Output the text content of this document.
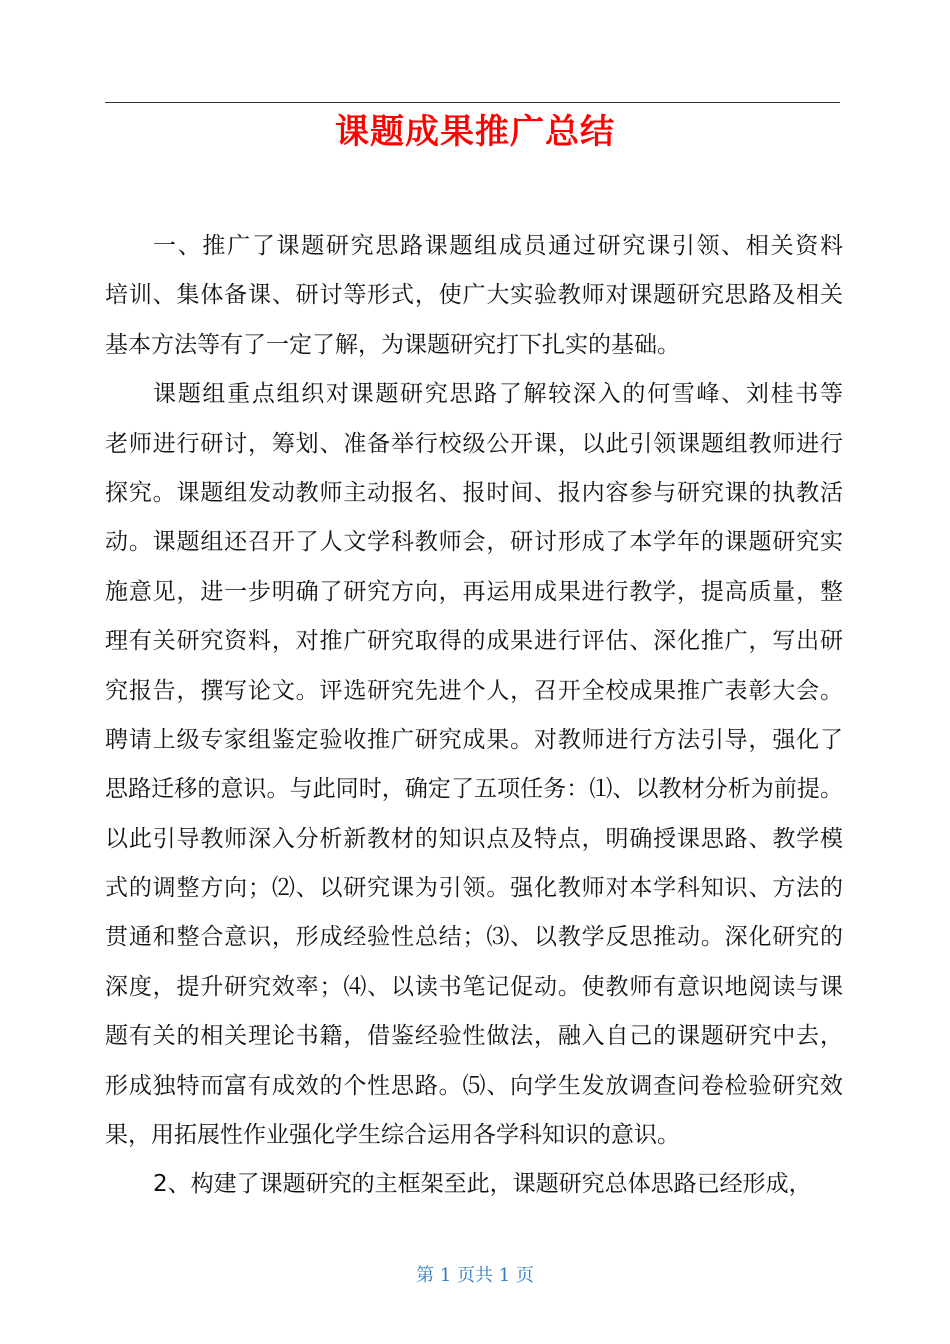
课题成果推广总结
一、推广了课题研究思路课题组成员通过研究课引领、相关资料
培训、集体备课、研讨等形式，使广大实验教师对课题研究思路及相关
基本方法等有了一定了解，为课题研究打下扎实的基础。
课题组重点组织对课题研究思路了解较深入的何雪峰、刘桂书等
老师进行研讨，筹划、准备举行校级公开课，以此引领课题组教师进行
探究。课题组发动教师主动报名、报时间、报内容参与研究课的执教活
动。课题组还召开了人文学科教师会，研讨形成了本学年的课题研究实
施意见，进一步明确了研究方向，再运用成果进行教学，提高质量，整
理有关研究资料，对推广研究取得的成果进行评估、深化推广，写出研
究报告，撰写论文。评选研究先进个人，召开全校成果推广表彰大会。
聘请上级专家组鉴定验收推广研究成果。对教师进行方法引导，强化了
思路迁移的意识。与此同时，确定了五项任务：⑴、以教材分析为前提。
以此引导教师深入分析新教材的知识点及特点，明确授课思路、教学模
式的调整方向；⑵、以研究课为引领。强化教师对本学科知识、方法的
贯通和整合意识，形成经验性总结；⑶、以教学反思推动。深化研究的
深度，提升研究效率；⑷、以读书笔记促动。使教师有意识地阅读与课
题有关的相关理论书籍，借鉴经验性做法，融入自己的课题研究中去，
形成独特而富有成效的个性思路。⑸、向学生发放调查问卷检验研究效
果，用拓展性作业强化学生综合运用各学科知识的意识。
2、构建了课题研究的主框架至此，课题研究总体思路已经形成，
第 1 页共 1 页
